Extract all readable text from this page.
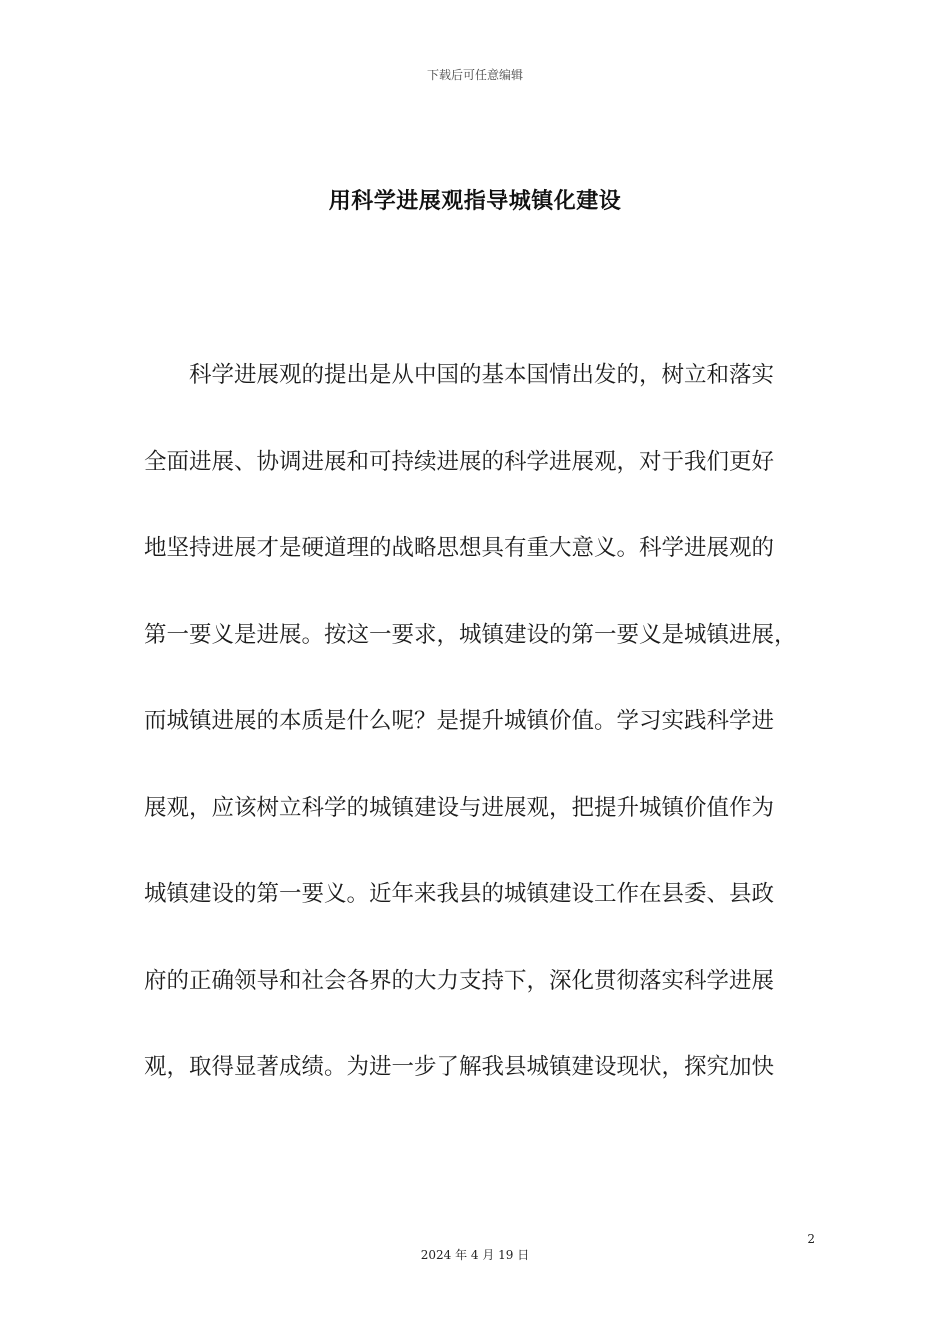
下载后可任意编辑
用科学进展观指导城镇化建设
科学进展观的提出是从中国的基本国情出发的，树立和落实
全面进展、协调进展和可持续进展的科学进展观，对于我们更好
地坚持进展才是硬道理的战略思想具有重大意义。科学进展观的
第一要义是进展。按这一要求，城镇建设的第一要义是城镇进展，
而城镇进展的本质是什么呢？是提升城镇价值。学习实践科学进
展观，应该树立科学的城镇建设与进展观，把提升城镇价值作为
城镇建设的第一要义。近年来我县的城镇建设工作在县委、县政
府的正确领导和社会各界的大力支持下，深化贯彻落实科学进展
观，取得显著成绩。为进一步了解我县城镇建设现状，探究加快
2
2024 年 4 月 19 日
